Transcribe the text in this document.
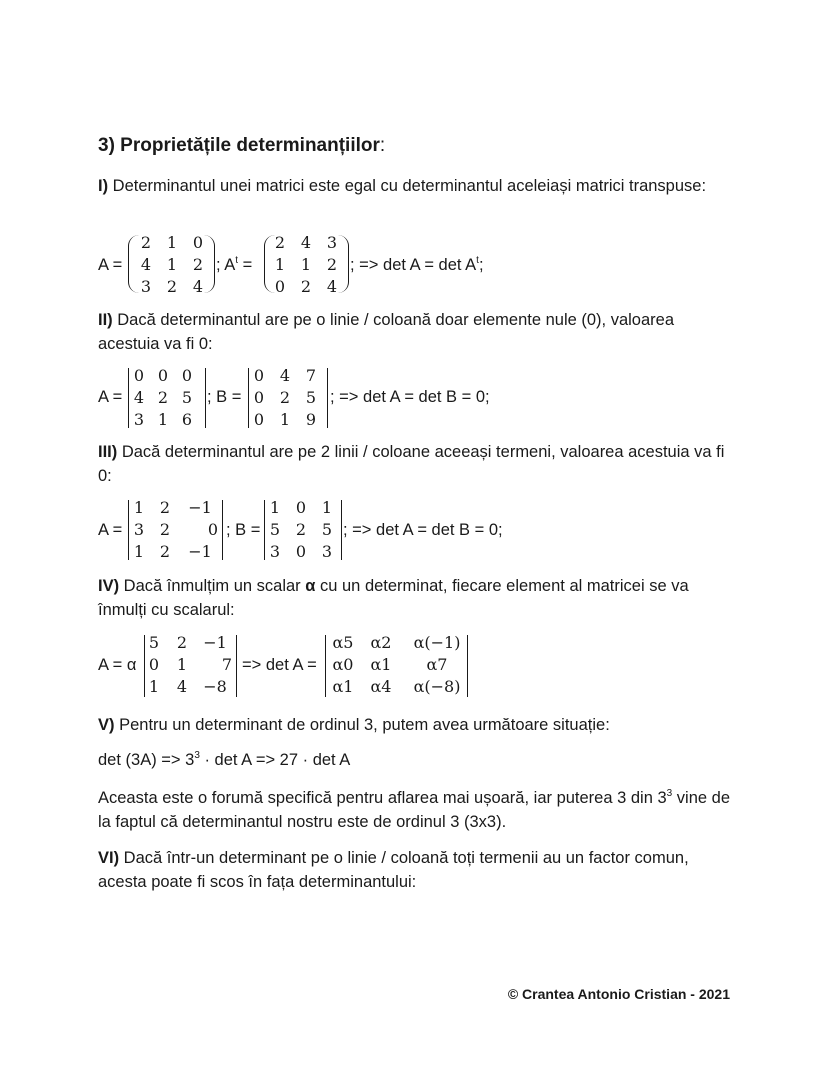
3) Proprietățile determinanțiilor:
I) Determinantul unei matrici este egal cu determinantul aceleiași matrici transpuse:
A =
2 1 0
4 1 2
3 2 4
; $A^t$ =
2 4 3
1 1 2
0 2 4
; => $\det A = \det A^t$;
II) Dacă determinantul are pe o linie / coloană doar elemente nule (0), valoarea acestuia va fi 0:
A =
0 0 0
4 2 5
3 1 6
; B =
0 4 7
0 2 5
0 1 9
; => det A = det B = 0;
III) Dacă determinantul are pe 2 linii / coloane aceeași termeni, valoarea acestuia va fi 0:
A =
1 2	−1
3 2	0
1 2	−1
; B =
1 0 1
5 2 5
3 0 3
; => det A = det B = 0;
IV) Dacă înmulțim un scalar α cu un determinat, fiecare element al matricei se va înmulți cu scalarul:
A = α
5	2	−1
0	1	7
1	4	−8
=> det A =
α5 α2	α(−1)
α0 α1	α7
α1 α4	α(−8)
V) Pentru un determinant de ordinul 3, putem avea următoare situație:
$\det (3A) => 3^3 \cdot \det A => 27 \cdot \det A$
Aceasta este o forumă specifică pentru aflarea mai ușoară, iar puterea 3 din $3^3$ vine de la faptul că determinantul nostru este de ordinul 3 (3x3).
VI) Dacă într-un determinant pe o linie / coloană toți termenii au un factor comun, acesta poate fi scos în fața determinantului:
© Crantea Antonio Cristian - 2021
